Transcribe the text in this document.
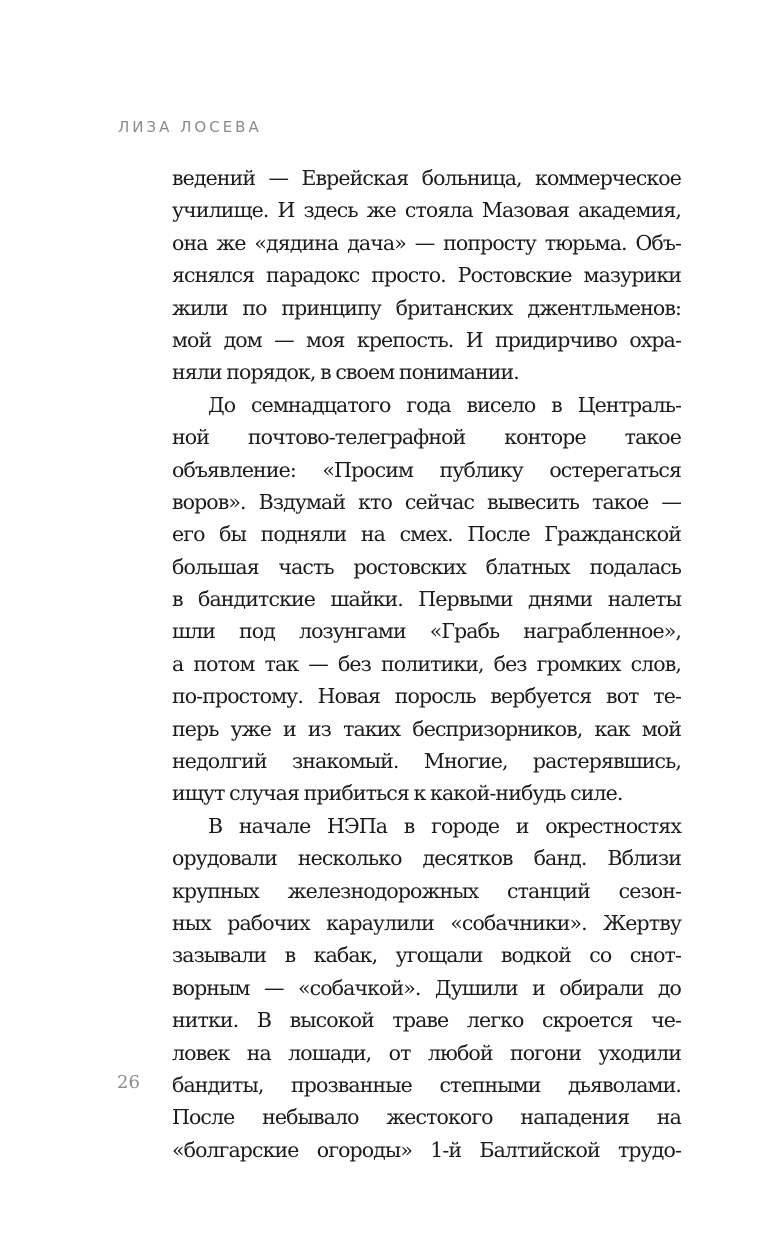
ЛИЗА ЛОСЕВА
ведений — Еврейская больница, коммерческое
училище. И здесь же стояла Мазовая академия,
она же «дядина дача» — попросту тюрьма. Объ-
яснялся парадокс просто. Ростовские мазурики
жили по принципу британских джентльменов:
мой дом — моя крепость. И придирчиво охра-
няли порядок, в своем понимании.
До семнадцатого года висело в Централь-
ной почтово-телеграфной конторе такое
объявление: «Просим публику остерегаться
воров». Вздумай кто сейчас вывесить такое —
его бы подняли на смех. После Гражданской
большая часть ростовских блатных подалась
в бандитские шайки. Первыми днями налеты
шли под лозунгами «Грабь награбленное»,
а потом так — без политики, без громких слов,
по-простому. Новая поросль вербуется вот те-
перь уже и из таких беспризорников, как мой
недолгий знакомый. Многие, растерявшись,
ищут случая прибиться к какой-нибудь силе.
В начале НЭПа в городе и окрестностях
орудовали несколько десятков банд. Вблизи
крупных железнодорожных станций сезон-
ных рабочих караулили «собачники». Жертву
зазывали в кабак, угощали водкой со снот-
ворным — «собачкой». Душили и обирали до
нитки. В высокой траве легко скроется че-
ловек на лошади, от любой погони уходили
бандиты, прозванные степными дьяволами.
После небывало жестокого нападения на
«болгарские огороды» 1-й Балтийской трудо-
26
